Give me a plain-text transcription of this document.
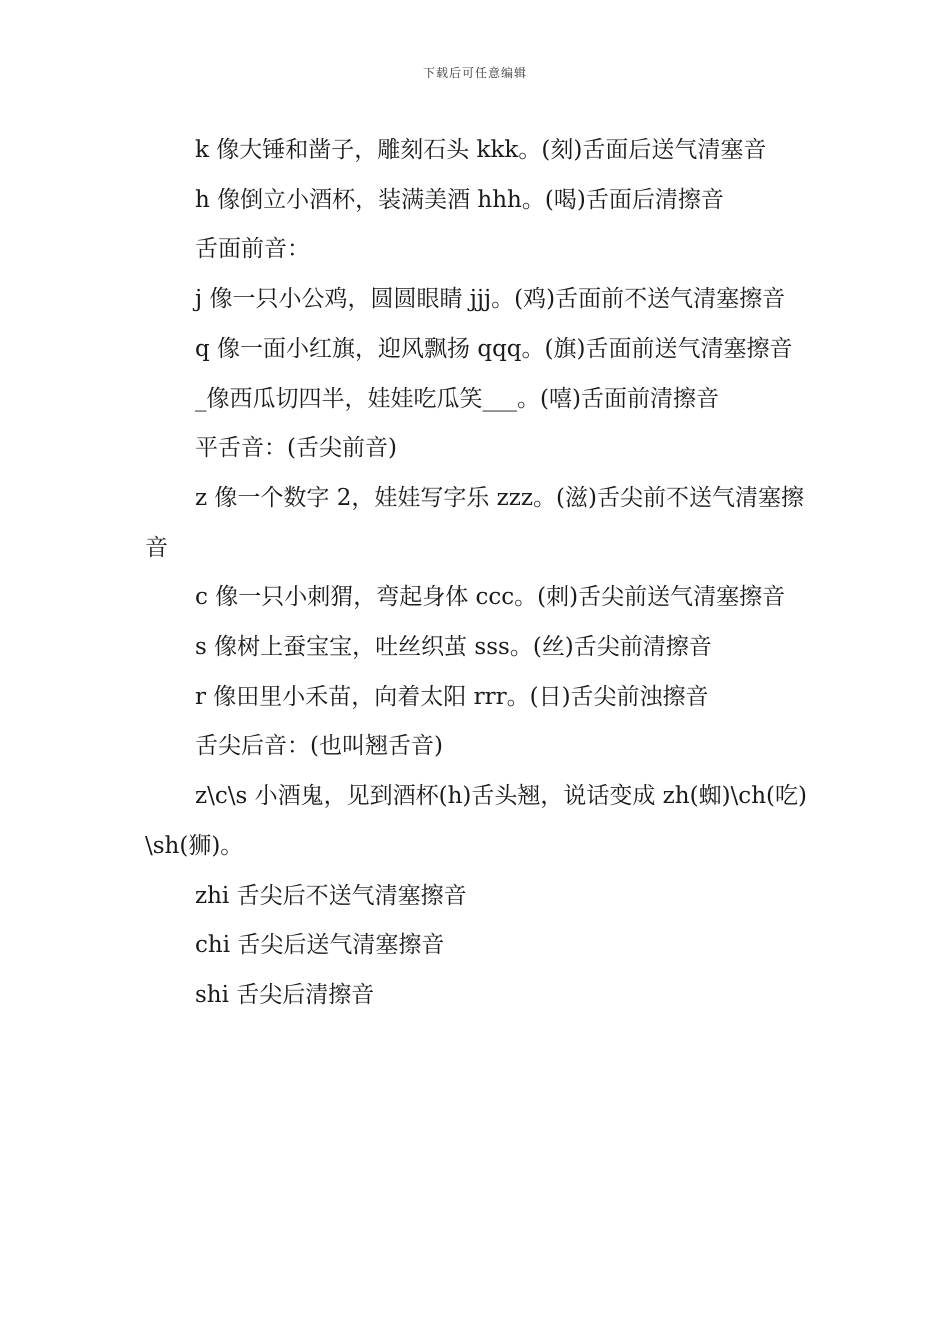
下载后可任意编辑

k 像大锤和凿子，雕刻石头 kkk。(刻)舌面后送气清塞音

h 像倒立小酒杯，装满美酒 hhh。(喝)舌面后清擦音

舌面前音：

j 像一只小公鸡，圆圆眼睛 jjj。(鸡)舌面前不送气清塞擦音

q 像一面小红旗，迎风飘扬 qqq。(旗)舌面前送气清塞擦音

_像西瓜切四半，娃娃吃瓜笑___。(嘻)舌面前清擦音

平舌音：(舌尖前音)

z 像一个数字 2，娃娃写字乐 zzz。(滋)舌尖前不送气清塞擦音

c 像一只小刺猬，弯起身体 ccc。(刺)舌尖前送气清塞擦音

s 像树上蚕宝宝，吐丝织茧 sss。(丝)舌尖前清擦音

r 像田里小禾苗，向着太阳 rrr。(日)舌尖前浊擦音

舌尖后音：(也叫翘舌音)

z\c\s 小酒鬼，见到酒杯(h)舌头翘，说话变成 zh(蜘)\ch(吃)\sh(狮)。

zhi 舌尖后不送气清塞擦音

chi 舌尖后送气清塞擦音

shi 舌尖后清擦音
